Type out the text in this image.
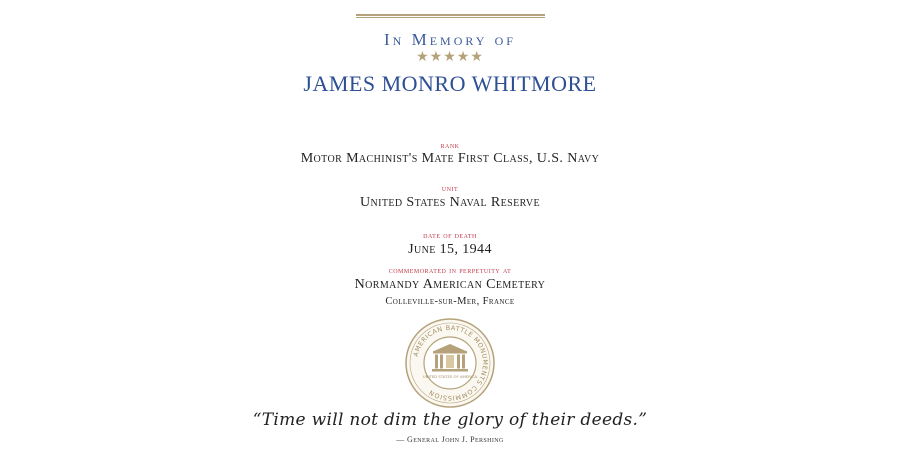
In Memory of
★★★★★
JAMES MONRO WHITMORE
rank
Motor Machinist's Mate First Class, U.S. Navy
unit
United States Naval Reserve
date of death
June 15, 1944
commemorated in perpetuity at
Normandy American Cemetery
Colleville-sur-Mer, France
AMERICAN BATTLE MONUMENTS COMMISSION
UNITED STATES OF AMERICA
“Time will not dim the glory of their deeds.”
— General John J. Pershing
